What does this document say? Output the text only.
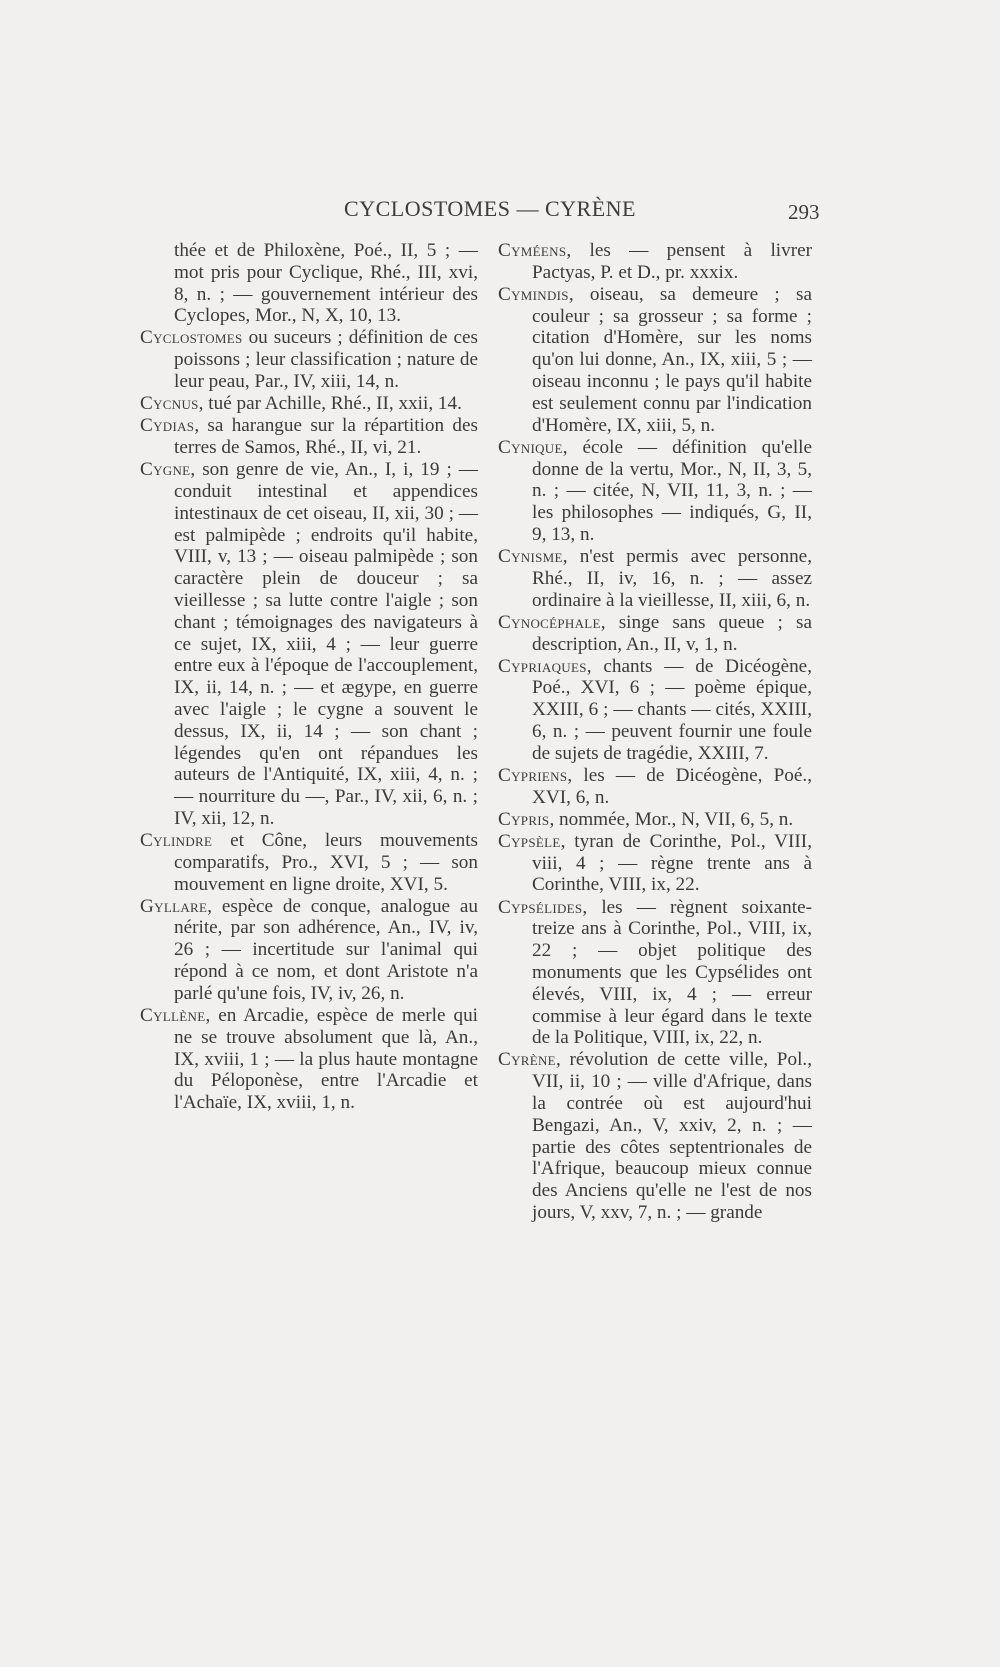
CYCLOSTOMES — CYRÈNE	293

thée et de Philoxène, Poé., II, 5 ; — mot pris pour Cyclique, Rhé., III, xvi, 8, n. ; — gouvernement intérieur des Cyclopes, Mor., N, X, 10, 13.

Cyclostomes ou suceurs ; définition de ces poissons ; leur classification ; nature de leur peau, Par., IV, xiii, 14, n.

Cycnus, tué par Achille, Rhé., II, xxii, 14.

Cydias, sa harangue sur la répartition des terres de Samos, Rhé., II, vi, 21.

Cygne, son genre de vie, An., I, i, 19 ; — conduit intestinal et appendices intestinaux de cet oiseau, II, xii, 30 ; — est palmipède ; endroits qu'il habite, VIII, v, 13 ; — oiseau palmipède ; son caractère plein de douceur ; sa vieillesse ; sa lutte contre l'aigle ; son chant ; témoignages des navigateurs à ce sujet, IX, xiii, 4 ; — leur guerre entre eux à l'époque de l'accouplement, IX, ii, 14, n. ; — et ægype, en guerre avec l'aigle ; le cygne a souvent le dessus, IX, ii, 14 ; — son chant ; légendes qu'en ont répandues les auteurs de l'Antiquité, IX, xiii, 4, n. ; — nourriture du —, Par., IV, xii, 6, n. ; IV, xii, 12, n.

Cylindre et Cône, leurs mouvements comparatifs, Pro., XVI, 5 ; — son mouvement en ligne droite, XVI, 5.

Gyllare, espèce de conque, analogue au nérite, par son adhérence, An., IV, iv, 26 ; — incertitude sur l'animal qui répond à ce nom, et dont Aristote n'a parlé qu'une fois, IV, iv, 26, n.

Cyllène, en Arcadie, espèce de merle qui ne se trouve absolument que là, An., IX, xviii, 1 ; — la plus haute montagne du Péloponèse, entre l'Arcadie et l'Achaïe, IX, xviii, 1, n.

Cyméens, les — pensent à livrer Pactyas, P. et D., pr. xxxix.

Cymindis, oiseau, sa demeure ; sa couleur ; sa grosseur ; sa forme ; citation d'Homère, sur les noms qu'on lui donne, An., IX, xiii, 5 ; — oiseau inconnu ; le pays qu'il habite est seulement connu par l'indication d'Homère, IX, xiii, 5, n.

Cynique, école — définition qu'elle donne de la vertu, Mor., N, II, 3, 5, n. ; — citée, N, VII, 11, 3, n. ; — les philosophes — indiqués, G, II, 9, 13, n.

Cynisme, n'est permis avec personne, Rhé., II, iv, 16, n. ; — assez ordinaire à la vieillesse, II, xiii, 6, n.

Cynocéphale, singe sans queue ; sa description, An., II, v, 1, n.

Cypriaques, chants — de Dicéogène, Poé., XVI, 6 ; — poème épique, XXIII, 6 ; — chants — cités, XXIII, 6, n. ; — peuvent fournir une foule de sujets de tragédie, XXIII, 7.

Cypriens, les — de Dicéogène, Poé., XVI, 6, n.

Cypris, nommée, Mor., N, VII, 6, 5, n.

Cypsèle, tyran de Corinthe, Pol., VIII, viii, 4 ; — règne trente ans à Corinthe, VIII, ix, 22.

Cypsélides, les — règnent soixante-treize ans à Corinthe, Pol., VIII, ix, 22 ; — objet politique des monuments que les Cypsélides ont élevés, VIII, ix, 4 ; — erreur commise à leur égard dans le texte de la Politique, VIII, ix, 22, n.

Cyrène, révolution de cette ville, Pol., VII, ii, 10 ; — ville d'Afrique, dans la contrée où est aujourd'hui Bengazi, An., V, xxiv, 2, n. ; — partie des côtes septentrionales de l'Afrique, beaucoup mieux connue des Anciens qu'elle ne l'est de nos jours, V, xxv, 7, n. ; — grande
